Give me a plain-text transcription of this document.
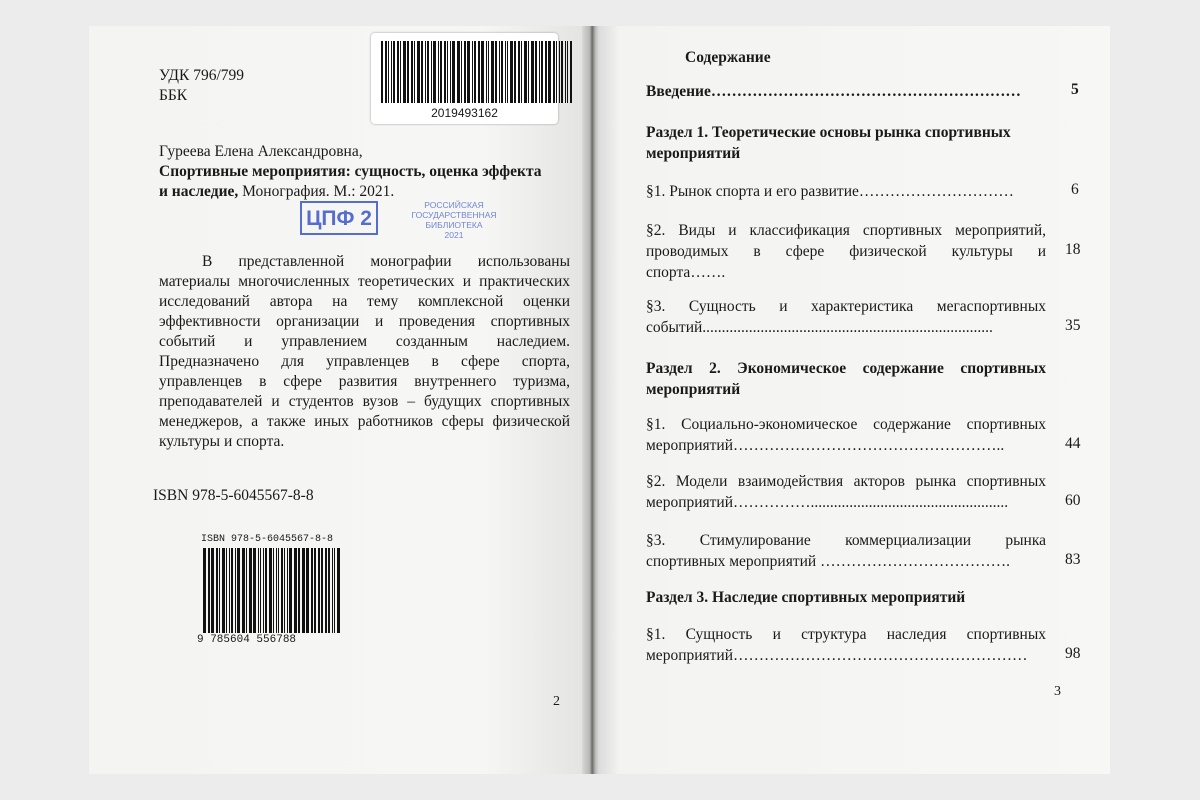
УДК 796/799
ББК
2019493162
Гуреева Елена Александровна,
Спортивные мероприятия: сущность, оценка эффекта
и наследие, Монография. М.: 2021.
ЦПФ 2
РОССИЙСКАЯ
ГОСУДАРСТВЕННАЯ
БИБЛИОТЕКА
2021
В представленной монографии использованы
материалы многочисленных теоретических и практических
исследований автора на тему комплексной оценки
эффективности организации и проведения спортивных
событий и управлением созданным наследием.
Предназначено для управленцев в сфере спорта,
управленцев в сфере развития внутреннего туризма,
преподавателей и студентов вузов – будущих спортивных
менеджеров, а также иных работников сферы физической
культуры и спорта.
ISBN 978-5-6045567-8-8
ISBN 978-5-6045567-8-8
9 785604 556788
2
Содержание
Введение……………………………………………………	5
Раздел 1. Теоретические основы рынка спортивных
мероприятий
§1. Рынок спорта и его развитие…………………………	6
§2. Виды и классификация спортивных мероприятий,
проводимых в сфере физической культуры и
спорта…….
18
§3. Сущность и характеристика мегаспортивных
событий...........................................................................	35
Раздел 2. Экономическое содержание спортивных
мероприятий
§1. Социально-экономическое содержание спортивных
мероприятий……………………………………………..	44
§2. Модели взаимодействия акторов рынка спортивных
мероприятий……………...................................................	60
§3. Стимулирование коммерциализации рынка
спортивных мероприятий ……………………………….	83
Раздел 3. Наследие спортивных мероприятий
§1. Сущность и структура наследия спортивных
мероприятий…………………………………………………	98
3
